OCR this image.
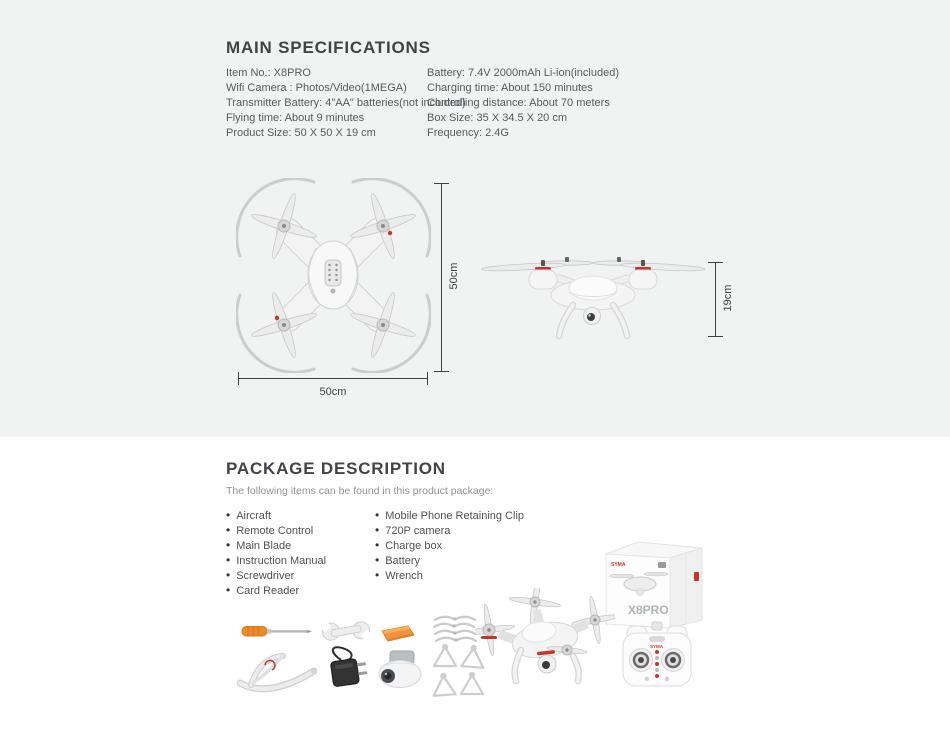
MAIN SPECIFICATIONS
Item No.: X8PRO
Wifi Camera : Photos/Video(1MEGA)
Transmitter Battery: 4"AA" batteries(not included)
Flying time: About 9 minutes
Product Size: 50 X 50 X 19 cm
Battery: 7.4V 2000mAh Li-ion(included)
Charging time: About 150 minutes
Controlling distance: About 70 meters
Box Size: 35 X 34.5 X 20 cm
Frequency: 2.4G
50cm
50cm
19cm
PACKAGE DESCRIPTION

The following items can be found in this product package:

• Aircraft
• Remote Control
• Main Blade
• Instruction Manual
• Screwdriver
• Card Reader
• Mobile Phone Retaining Clip
• 720P camera
• Charge box
• Battery
• Wrench
SYMA
X8PRO
SYMA
